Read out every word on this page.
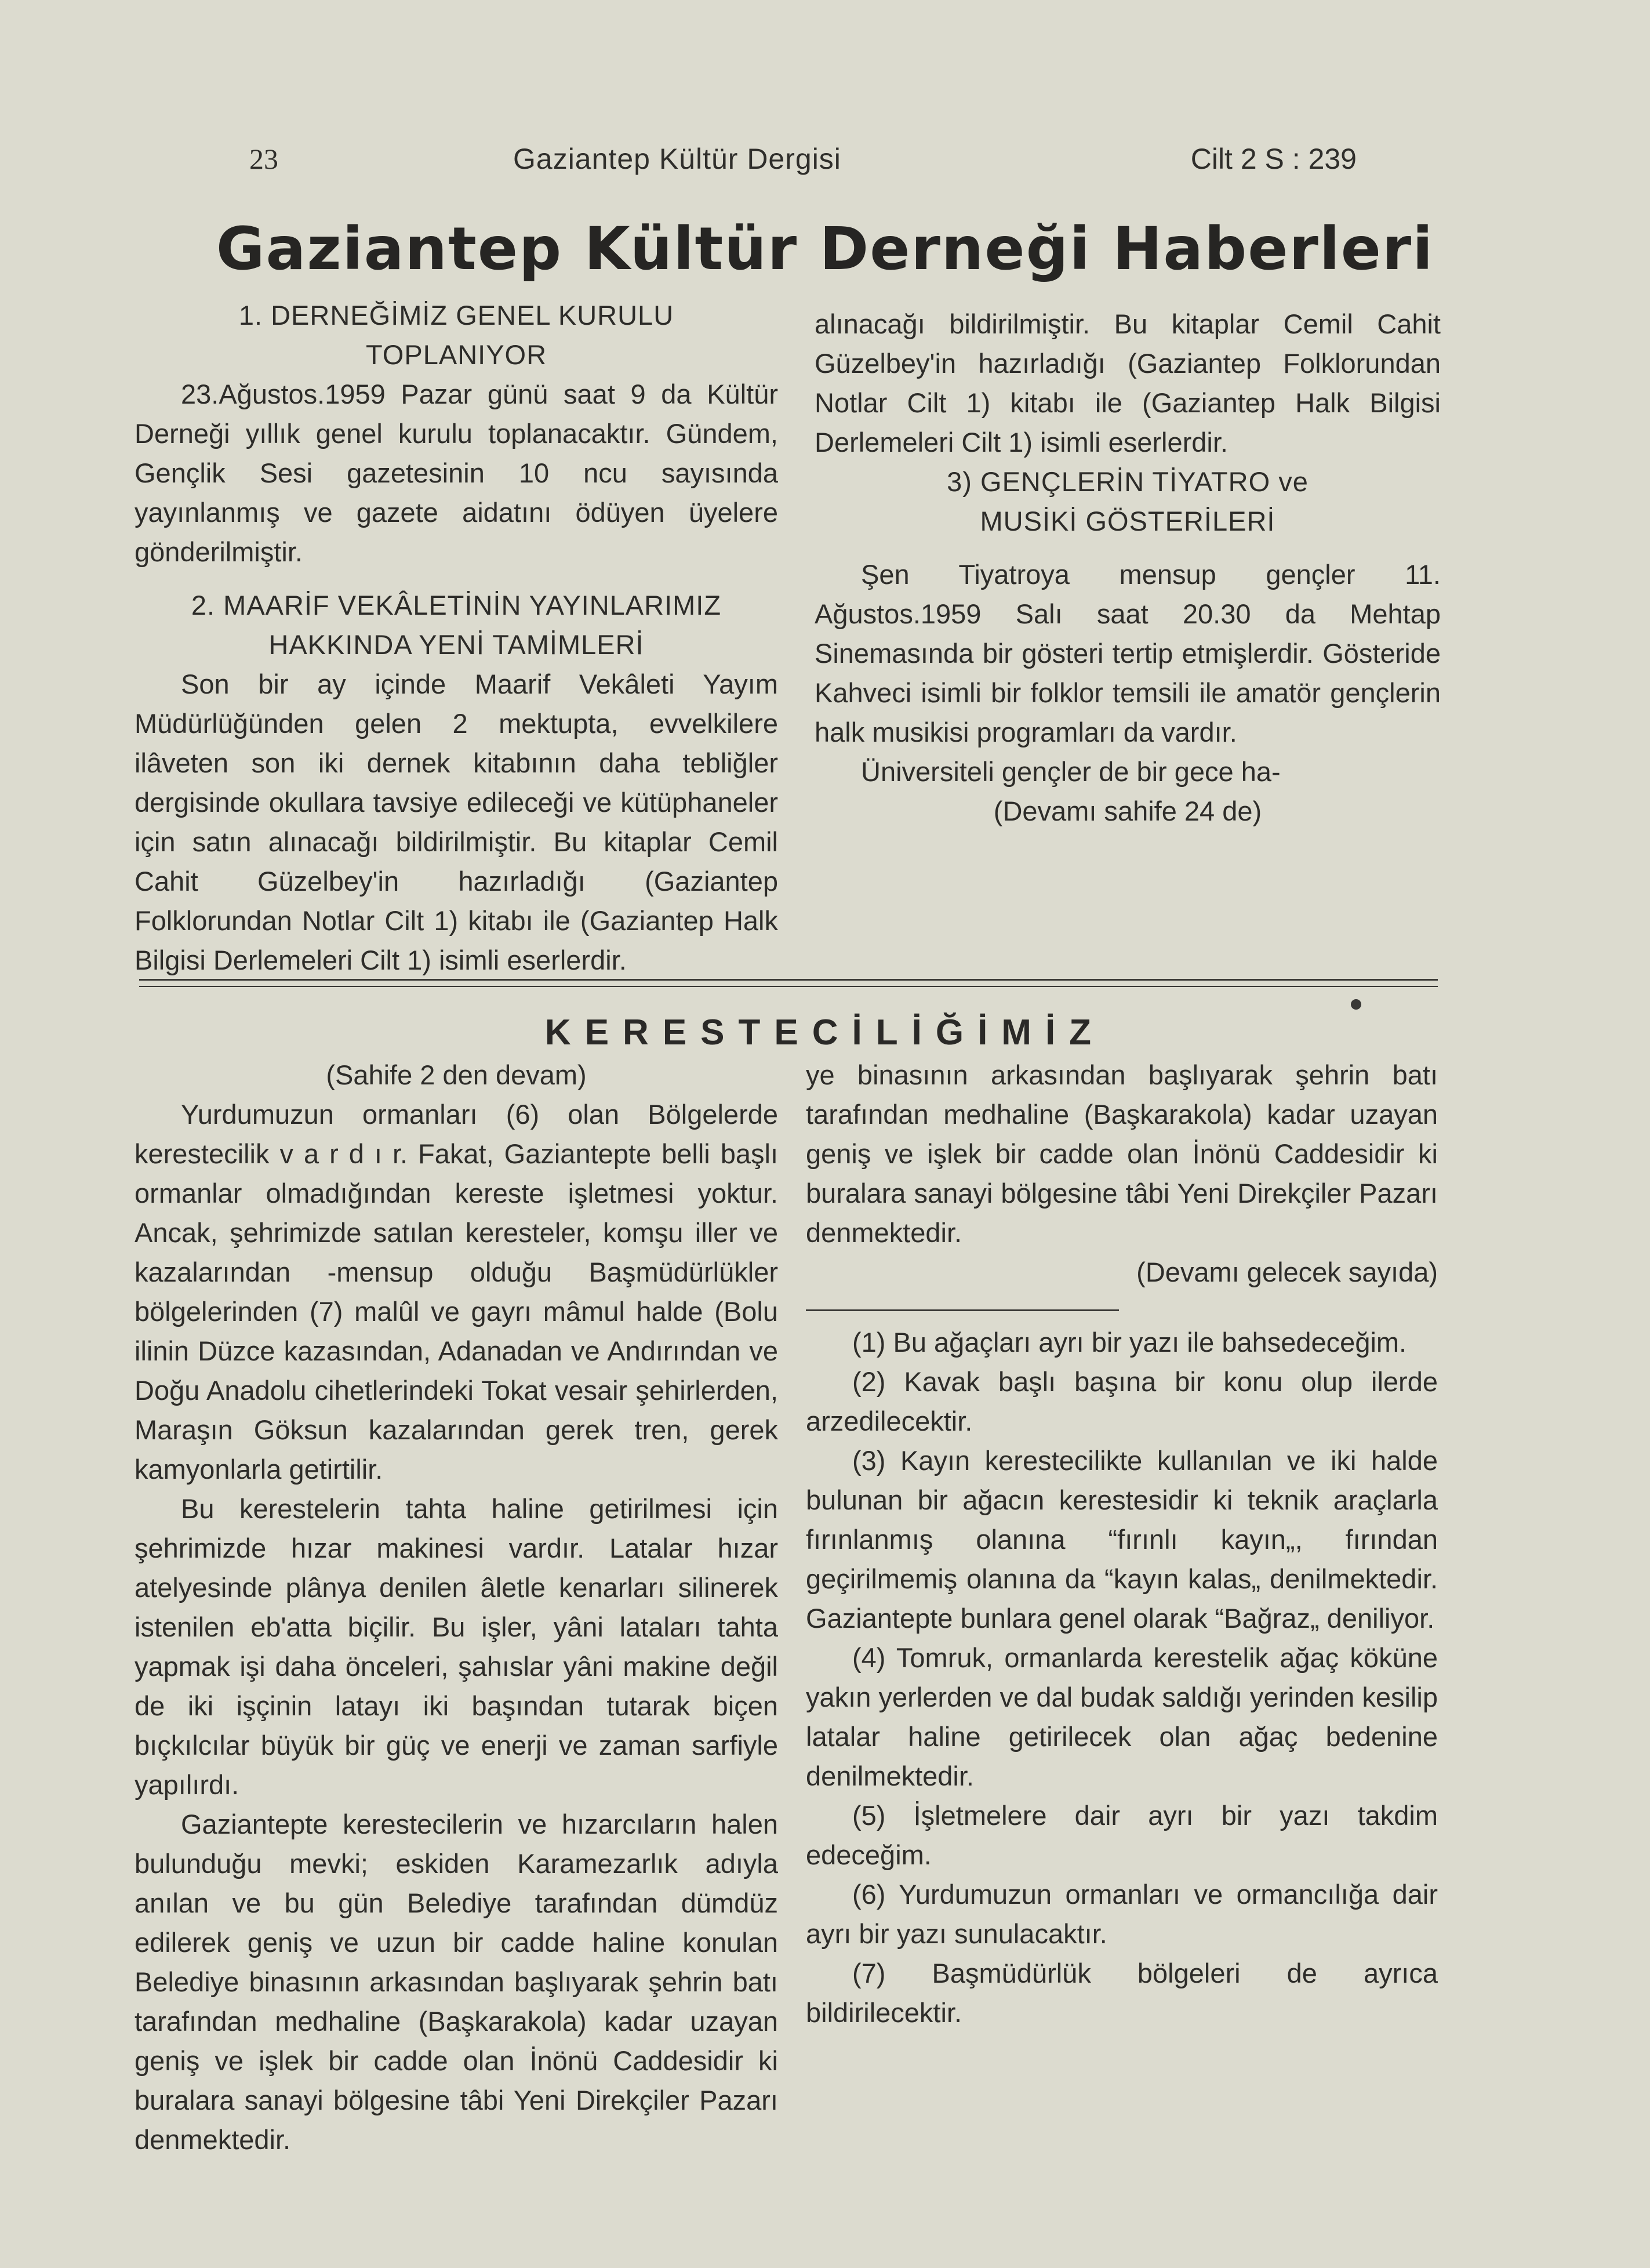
23	Gaziantep Kültür Dergisi	Cilt 2 S : 239
Gaziantep Kültür Derneği Haberleri

1. DERNEĞİMİZ GENEL KURULU

TOPLANIYOR

23.Ağustos.1959 Pazar günü saat 9 da Kültür Derneği yıllık genel kurulu toplanacaktır. Gündem, Gençlik Sesi gazetesinin 10 ncu sayısında yayınlanmış ve gazete aidatını ödüyen üyelere gönderilmiştir.

2. MAARİF VEKÂLETİNİN YAYINLARIMIZ HAKKINDA YENİ TAMİMLERİ

Son bir ay içinde Maarif Vekâleti Yayım Müdürlüğünden gelen 2 mektupta, evvelkilere ilâveten son iki dernek kitabının daha tebliğler dergisinde okullara tavsiye edileceği ve kütüphaneler için satın alınacağı bildirilmiştir. Bu kitaplar Cemil Cahit Güzelbey'in hazırladığı (Gaziantep Folklorundan Notlar Cilt 1) kitabı ile (Gaziantep Halk Bilgisi Derlemeleri Cilt 1) isimli eserlerdir.

alınacağı bildirilmiştir. Bu kitaplar Cemil Cahit Güzelbey'in hazırladığı (Gaziantep Folklorundan Notlar Cilt 1) kitabı ile (Gaziantep Halk Bilgisi Derlemeleri Cilt 1) isimli eserlerdir.

3) GENÇLERİN TİYATRO ve

MUSİKİ GÖSTERİLERİ

Şen Tiyatroya mensup gençler 11. Ağustos.1959 Salı saat 20.30 da Mehtap Sinemasında bir gösteri tertip etmişlerdir. Gösteride Kahveci isimli bir folklor temsili ile amatör gençlerin halk musikisi programları da vardır.

Üniversiteli gençler de bir gece ha-

(Devamı sahife 24 de)

KERESTECİLİĞİMİZ

(Sahife 2 den devam)

Yurdumuzun ormanları (6) olan Bölgelerde kerestecilik v a r d ı r. Fakat, Gaziantepte belli başlı ormanlar olmadığından kereste işletmesi yoktur. Ancak, şehrimizde satılan keresteler, komşu iller ve kazalarından -mensup olduğu Başmüdürlükler bölgelerinden (7) malûl ve gayrı mâmul halde (Bolu ilinin Düzce kazasından, Adanadan ve Andırından ve Doğu Anadolu cihetlerindeki Tokat vesair şehirlerden, Maraşın Göksun kazalarından gerek tren, gerek kamyonlarla getirtilir.

Bu kerestelerin tahta haline getirilmesi için şehrimizde hızar makinesi vardır. Latalar hızar atelyesinde plânya denilen âletle kenarları silinerek istenilen eb'atta biçilir. Bu işler, yâni lataları tahta yapmak işi daha önceleri, şahıslar yâni makine değil de iki işçinin latayı iki başından tutarak biçen bıçkılcılar büyük bir güç ve enerji ve zaman sarfiyle yapılırdı.

Gaziantepte kerestecilerin ve hızarcıların halen bulunduğu mevki; eskiden Karamezarlık adıyla anılan ve bu gün Belediye tarafından dümdüz edilerek geniş ve uzun bir cadde haline konulan Belediye binasının arkasından başlıyarak şehrin batı tarafından medhaline (Başkarakola) kadar uzayan geniş ve işlek bir cadde olan İnönü Caddesidir ki buralara sanayi bölgesine tâbi Yeni Direkçiler Pazarı denmektedir.

ye binasının arkasından başlıyarak şehrin batı tarafından medhaline (Başkarakola) kadar uzayan geniş ve işlek bir cadde olan İnönü Caddesidir ki buralara sanayi bölgesine tâbi Yeni Direkçiler Pazarı denmektedir.

(Devamı gelecek sayıda)

(1) Bu ağaçları ayrı bir yazı ile bahsedeceğim.

(2) Kavak başlı başına bir konu olup ilerde arzedilecektir.

(3) Kayın kerestecilikte kullanılan ve iki halde bulunan bir ağacın kerestesidir ki teknik araçlarla fırınlanmış olanına “fırınlı kayın„, fırından geçirilmemiş olanına da “kayın kalas„ denilmektedir. Gaziantepte bunlara genel olarak “Bağraz„ deniliyor.

(4) Tomruk, ormanlarda kerestelik ağaç köküne yakın yerlerden ve dal budak saldığı yerinden kesilip latalar haline getirilecek olan ağaç bedenine denilmektedir.

(5) İşletmelere dair ayrı bir yazı takdim edeceğim.

(6) Yurdumuzun ormanları ve ormancılığa dair ayrı bir yazı sunulacaktır.

(7) Başmüdürlük bölgeleri de ayrıca bildirilecektir.
